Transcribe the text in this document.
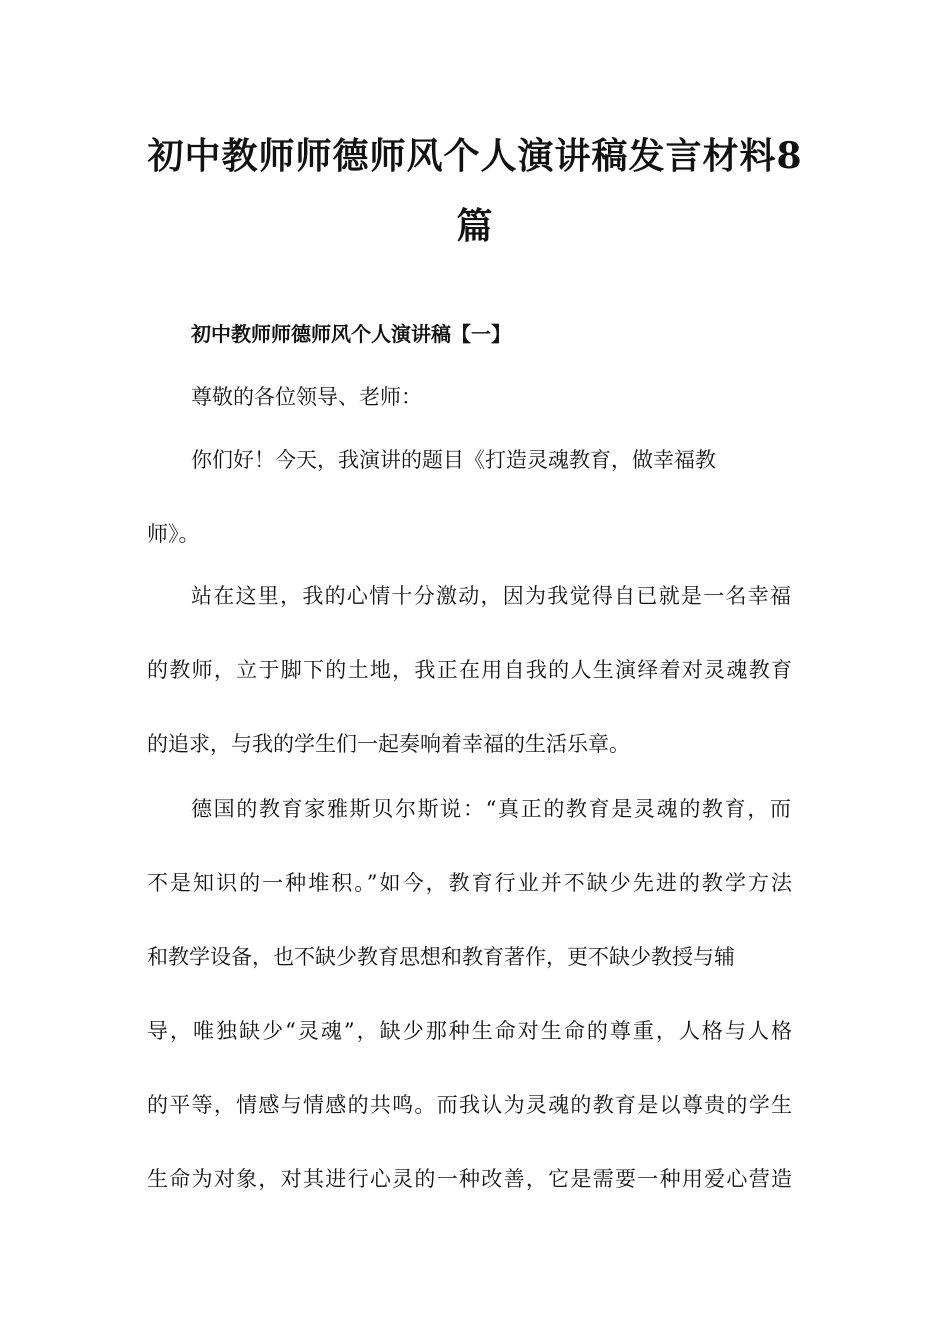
初中教师师德师风个人演讲稿发言材料8
篇

初中教师师德师风个人演讲稿【一】

尊敬的各位领导、老师：

你们好！今天，我演讲的题目《打造灵魂教育，做幸福教

师》。

站在这里，我的心情十分激动，因为我觉得自已就是一名幸福

的教师，立于脚下的土地，我正在用自我的人生演绎着对灵魂教育

的追求，与我的学生们一起奏响着幸福的生活乐章。

德国的教育家雅斯贝尔斯说：“真正的教育是灵魂的教育，而

不是知识的一种堆积。”如今，教育行业并不缺少先进的教学方法

和教学设备，也不缺少教育思想和教育著作，更不缺少教授与辅

导，唯独缺少“灵魂”，缺少那种生命对生命的尊重，人格与人格

的平等，情感与情感的共鸣。而我认为灵魂的教育是以尊贵的学生

生命为对象，对其进行心灵的一种改善，它是需要一种用爱心营造
